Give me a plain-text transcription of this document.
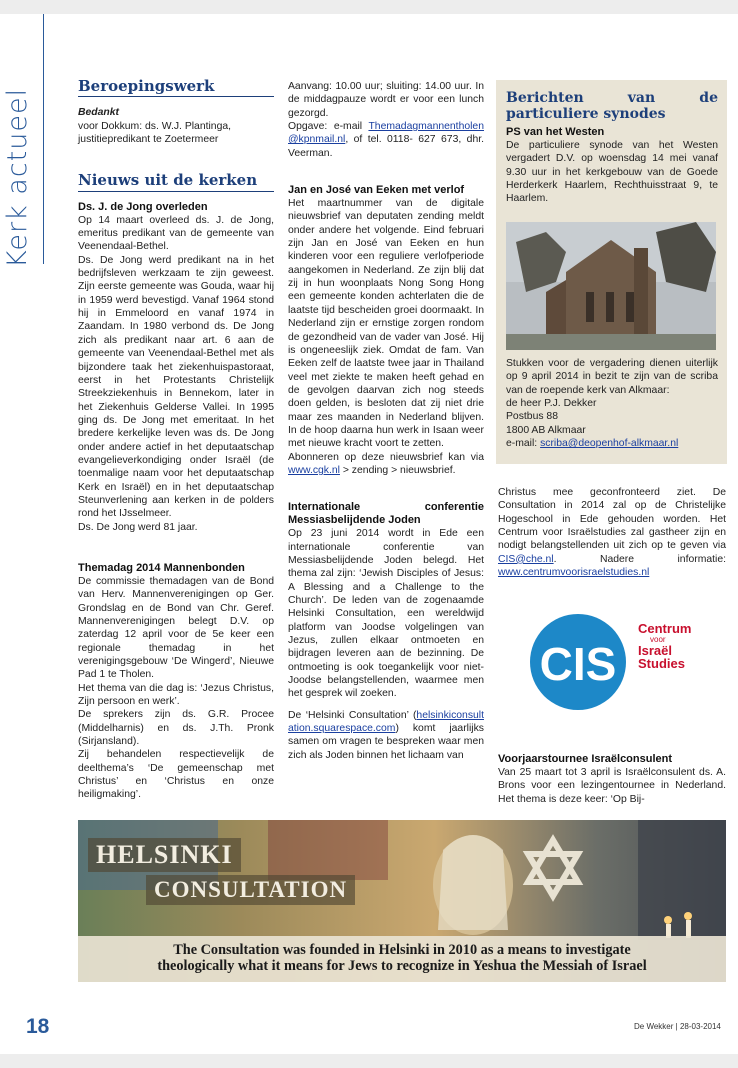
Kerk actueel
Beroepingswerk

Bedankt

voor Dokkum: ds. W.J. Plantinga, justitiepredikant te Zoetermeer

Nieuws uit de kerken
Ds. J. de Jong overleden

Op 14 maart overleed ds. J. de Jong, emeritus predikant van de gemeente van Veenendaal-Bethel.

Ds. De Jong werd predikant na in het bedrijfsleven werkzaam te zijn geweest. Zijn eerste gemeente was Gouda, waar hij in 1959 werd bevestigd. Vanaf 1964 stond hij in Emmeloord en vanaf 1974 in Zaandam. In 1980 verbond ds. De Jong zich als predikant naar art. 6 aan de gemeente van Veenendaal-Bethel met als bijzondere taak het ziekenhuispastoraat, eerst in het Protestants Christelijk Streekziekenhuis in Bennekom, later in het Ziekenhuis Gelderse Vallei. In 1995 ging ds. De Jong met emeritaat. In het bredere kerkelijke leven was ds. De Jong onder andere actief in het deputaatschap evangelieverkondiging onder Israël (de toenmalige naam voor het deputaatschap Kerk en Israël) en in het deputaatschap Steunverlening aan kerken in de polders rond het IJsselmeer.

Ds. De Jong werd 81 jaar.

Themadag 2014 Mannenbonden

De commissie themadagen van de Bond van Herv. Mannenverenigingen op Ger. Grondslag en de Bond van Chr. Geref. Mannenverenigingen belegt D.V. op zaterdag 12 april voor de 5e keer een regionale themadag in het verenigingsgebouw ‘De Wingerd’, Nieuwe Pad 1 te Tholen.

Het thema van die dag is: ‘Jezus Christus, Zijn persoon en werk’.

De sprekers zijn ds. G.R. Procee (Middelharnis) en ds. J.Th. Pronk (Sirjansland).

Zij behandelen respectievelijk de deelthema’s ‘De gemeenschap met Christus’ en ‘Christus en onze heiligmaking’.

Aanvang: 10.00 uur; sluiting: 14.00 uur. In de middagpauze wordt er voor een lunch gezorgd.

Opgave: e-mail Themadagmannentholen@kpnmail.nl, of tel. 0118- 627 673, dhr. Veerman.

Jan en José van Eeken met verlof

Het maartnummer van de digitale nieuwsbrief van deputaten zending meldt onder andere het volgende. Eind februari zijn Jan en José van Eeken en hun kinderen voor een reguliere verlofperiode aangekomen in Nederland. Ze zijn blij dat zij in hun woonplaats Nong Song Hong een gemeente konden achterlaten die de laatste tijd bescheiden groei doormaakt. In Nederland zijn er ernstige zorgen rondom de gezondheid van de vader van José. Hij is ongeneeslijk ziek. Omdat de fam. Van Eeken zelf de laatste twee jaar in Thailand veel met ziekte te maken heeft gehad en de gevolgen daarvan zich nog steeds doen gelden, is besloten dat zij niet drie maar zes maanden in Nederland blijven. In de hoop daarna hun werk in Isaan weer met nieuwe kracht voort te zetten.

Abonneren op deze nieuwsbrief kan via www.cgk.nl > zending > nieuwsbrief.

Internationale conferentie Messiasbelijdende Joden

Op 23 juni 2014 wordt in Ede een internationale conferentie van Messiasbelijdende Joden belegd. Het thema zal zijn: ‘Jewish Disciples of Jesus: A Blessing and a Challenge to the Church’. De leden van de zogenaamde Helsinki Consultation, een wereldwijd platform van Joodse volgelingen van Jezus, zullen elkaar ontmoeten en bijdragen leveren aan de bezinning. De ontmoeting is ook toegankelijk voor niet-Joodse belangstellenden, waarmee men het gesprek wil zoeken.

De ‘Helsinki Consultation’ (helsinkiconsultation.squarespace.com) komt jaarlijks samen om vragen te bespreken waar men zich als Joden binnen het lichaam van

Berichten van de particuliere synodes
PS van het Westen

De particuliere synode van het Westen vergadert D.V. op woensdag 14 mei vanaf 9.30 uur in het kerkgebouw van de Goede Herderkerk Haarlem, Rechthuisstraat 9, te Haarlem.

Stukken voor de vergadering dienen uiterlijk op 9 april 2014 in bezit te zijn van de scriba van de roepende kerk van Alkmaar:

de heer P.J. Dekker

Postbus 88

1800 AB Alkmaar

e-mail: scriba@deopenhof-alkmaar.nl

Christus mee geconfronteerd ziet. De Consultation in 2014 zal op de Christelijke Hogeschool in Ede gehouden worden. Het Centrum voor Israëlstudies zal gastheer zijn en nodigt belangstellenden uit zich op te geven via CIS@che.nl. Nadere informatie: www.centrumvoorisraelstudies.nl

CIS
Centrum
voor
Israël
Studies
Voorjaarstournee Israëlconsulent

Van 25 maart tot 3 april is Israëlconsulent ds. A. Brons voor een lezingentournee in Nederland. Het thema is deze keer: ‘Op Bij-

HELSINKI
CONSULTATION
The Consultation was founded in Helsinki in 2010 as a means to investigate
theologically what it means for Jews to recognize in Yeshua the Messiah of Israel
18	De Wekker | 28-03-2014
